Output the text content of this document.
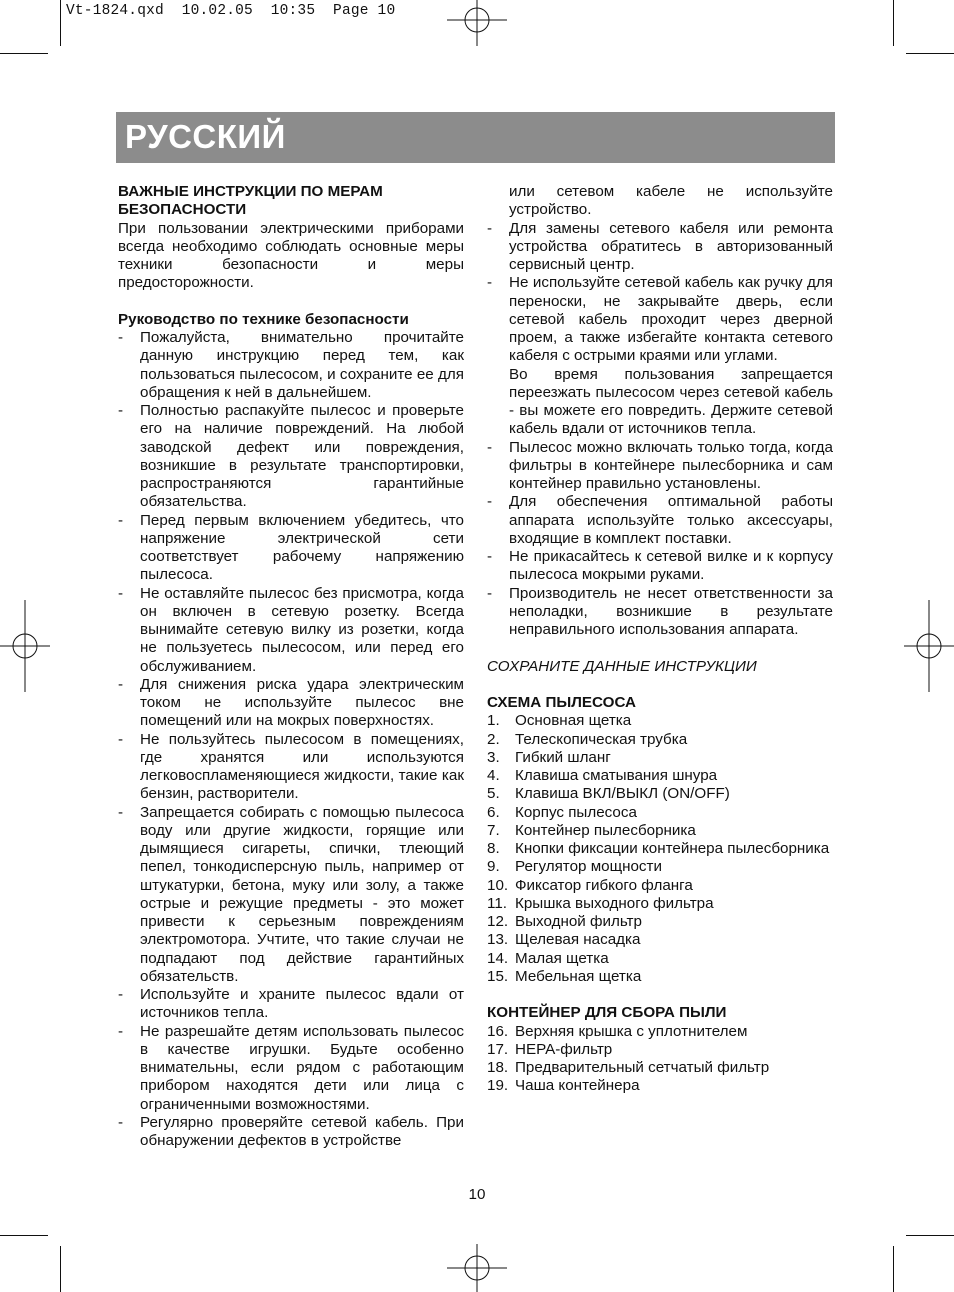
Vt-1824.qxd  10.02.05  10:35  Page 10
РУССКИЙ
ВАЖНЫЕ ИНСТРУКЦИИ ПО МЕРАМ
БЕЗОПАСНОСТИ
При пользовании электрическими приборами всегда необходимо соблюдать основные меры техники безопасности и меры предосторожности.
Руководство по технике безопасности
- Пожалуйста, внимательно прочитайте данную инструкцию перед тем, как пользоваться пылесосом, и сохраните ее для обращения к ней в дальнейшем.
- Полностью распакуйте пылесос и проверьте его на наличие повреждений. На любой заводской дефект или повреждения, возникшие в результате транспортировки, распространяются гарантийные обязательства.
- Перед первым включением убедитесь, что напряжение электрической сети соответствует рабочему напряжению пылесоса.
- Не оставляйте пылесос без присмотра, когда он включен в сетевую розетку. Всегда вынимайте сетевую вилку из розетки, когда не пользуетесь пылесосом, или перед его обслуживанием.
- Для снижения риска удара электрическим током не используйте пылесос вне помещений или на мокрых поверхностях.
- Не пользуйтесь пылесосом в помещениях, где хранятся или используются легковоспламеняющиеся жидкости, такие как бензин, растворители.
- Запрещается собирать с помощью пылесоса воду или другие жидкости, горящие или дымящиеся сигареты, спички, тлеющий пепел, тонкодисперсную пыль, например от штукатурки, бетона, муку или золу, а также острые и режущие предметы - это может привести к серьезным повреждениям электромотора. Учтите, что такие случаи не подпадают под действие гарантийных обязательств.
- Используйте и храните пылесос вдали от источников тепла.
- Не разрешайте детям использовать пылесос в качестве игрушки. Будьте особенно внимательны, если рядом с работающим прибором находятся дети или лица с ограниченными возможностями.
- Регулярно проверяйте сетевой кабель. При обнаружении дефектов в устройстве
или сетевом кабеле не используйте устройство.
- Для замены сетевого кабеля или ремонта устройства обратитесь в авторизованный сервисный центр.
- Не используйте сетевой кабель как ручку для переноски, не закрывайте дверь, если сетевой кабель проходит через дверной проем, а также избегайте контакта сетевого кабеля с острыми краями или углами.
Во время пользования запрещается переезжать пылесосом через сетевой кабель - вы можете его повредить. Держите сетевой кабель вдали от источников тепла.
- Пылесос можно включать только тогда, когда фильтры в контейнере пылесборника и сам контейнер правильно установлены.
- Для обеспечения оптимальной работы аппарата используйте только аксессуары, входящие в комплект поставки.
- Не прикасайтесь к сетевой вилке и к корпусу пылесоса мокрыми руками.
- Производитель не несет ответственности за неполадки, возникшие в результате неправильного использования аппарата.
СОХРАНИТЕ ДАННЫЕ ИНСТРУКЦИИ
СХЕМА ПЫЛЕСОСА
1. Основная щетка
2. Телескопическая трубка
3. Гибкий шланг
4. Клавиша сматывания шнура
5. Клавиша ВКЛ/ВЫКЛ (ON/OFF)
6. Корпус пылесоса
7. Контейнер пылесборника
8. Кнопки фиксации контейнера пылесборника
9. Регулятор мощности
10. Фиксатор гибкого фланга
11. Крышка выходного фильтра
12. Выходной фильтр
13. Щелевая насадка
14. Малая щетка
15. Мебельная щетка
КОНТЕЙНЕР ДЛЯ СБОРА ПЫЛИ
16. Верхняя крышка с уплотнителем
17. HEPA-фильтр
18. Предварительный сетчатый фильтр
19. Чаша контейнера
10
